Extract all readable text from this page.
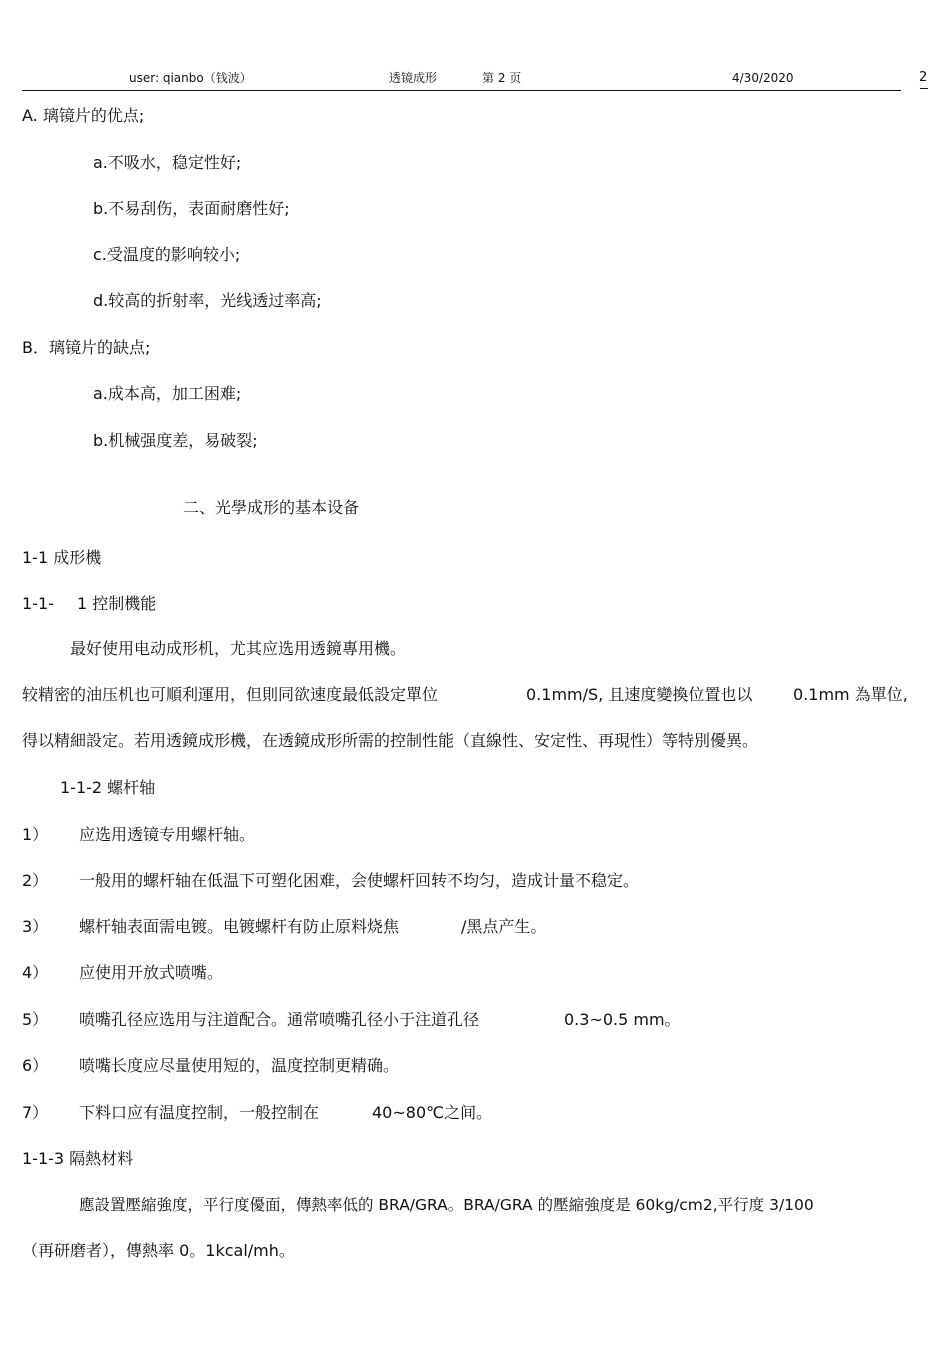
user: qianbo（钱波）	透镜成形	第 2 页	4/30/2020	2
A. 璃镜片的优点;
a.不吸水，稳定性好;
b.不易刮伤，表面耐磨性好;
c.受温度的影响较小;
d.较高的折射率，光线透过率高;
B．璃镜片的缺点;
a.成本高，加工困难;
b.机械强度差，易破裂;
二、光學成形的基本设备
1-1 成形機
1-1- 1 控制機能
最好使用电动成形机，尤其应选用透鏡專用機。
较精密的油压机也可順利運用，但則同欲速度最低設定單位	0.1mm/S, 且速度變換位置也以	0.1mm 為單位,
得以精細設定。若用透鏡成形機，在透鏡成形所需的控制性能（直線性、安定性、再現性）等特別優異。
1-1-2 螺杆轴
1） 应选用透镜专用螺杆轴。
2） 一般用的螺杆轴在低温下可塑化困难，会使螺杆回转不均匀，造成计量不稳定。
3） 螺杆轴表面需电镀。电镀螺杆有防止原料烧焦	/黑点产生。
4） 应使用开放式喷嘴。
5） 喷嘴孔径应选用与注道配合。通常喷嘴孔径小于注道孔径	0.3~0.5 mm。
6） 喷嘴长度应尽量使用短的，温度控制更精确。
7） 下料口应有温度控制，一般控制在	40~80℃之间。
1-1-3 隔熱材料
應設置壓縮強度，平行度優面，傳熱率低的 BRA/GRA。BRA/GRA 的壓縮強度是 60kg/cm2,平行度 3/100
（再研磨者），傳熱率 0。1kcal/mh。
